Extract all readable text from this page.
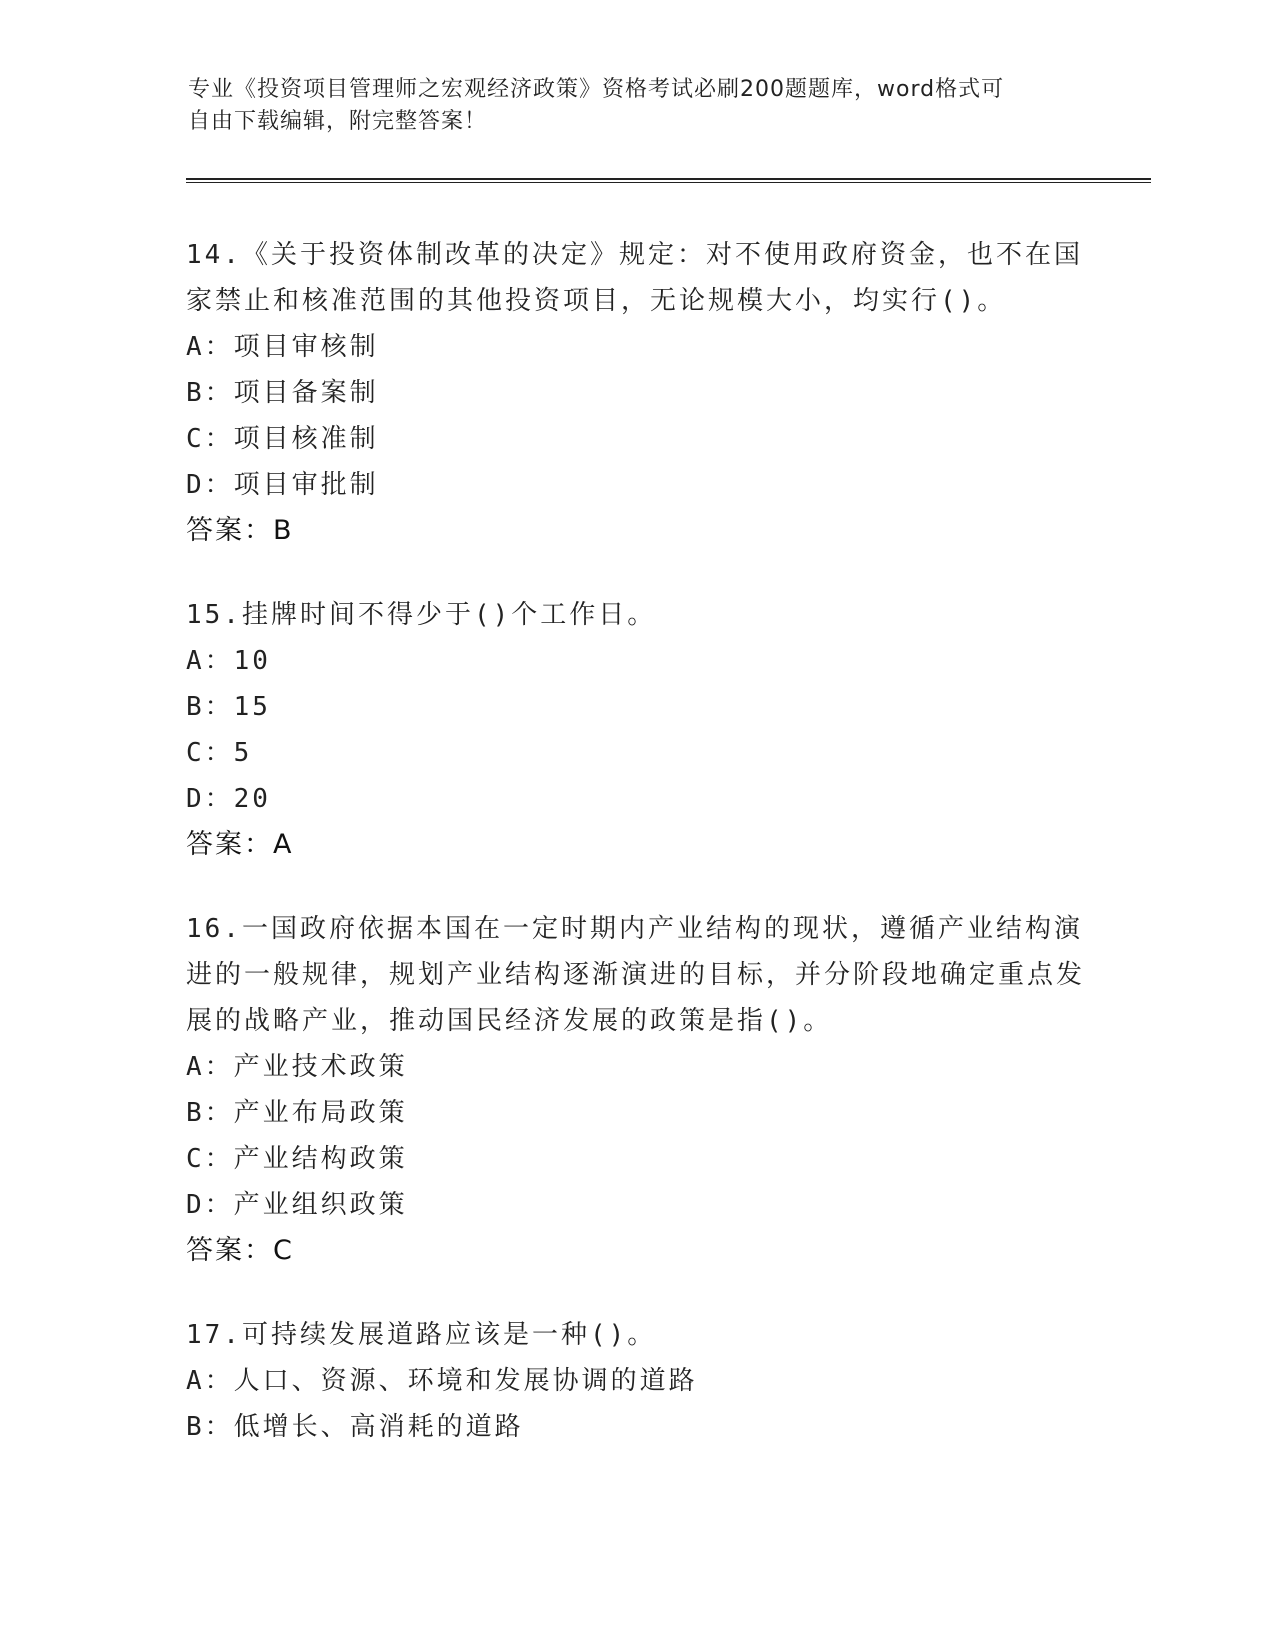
专业《投资项目管理师之宏观经济政策》资格考试必刷200题题库，word格式可
自由下载编辑，附完整答案！
14.《关于投资体制改革的决定》规定：对不使用政府资金，也不在国家禁止和核准范围的其他投资项目，无论规模大小，均实行()。
A：项目审核制
B：项目备案制
C：项目核准制
D：项目审批制
答案：B
15.挂牌时间不得少于()个工作日。
A：10
B：15
C：5
D：20
答案：A
16.一国政府依据本国在一定时期内产业结构的现状，遵循产业结构演进的一般规律，规划产业结构逐渐演进的目标，并分阶段地确定重点发展的战略产业，推动国民经济发展的政策是指()。
A：产业技术政策
B：产业布局政策
C：产业结构政策
D：产业组织政策
答案：C
17.可持续发展道路应该是一种()。
A：人口、资源、环境和发展协调的道路
B：低增长、高消耗的道路
